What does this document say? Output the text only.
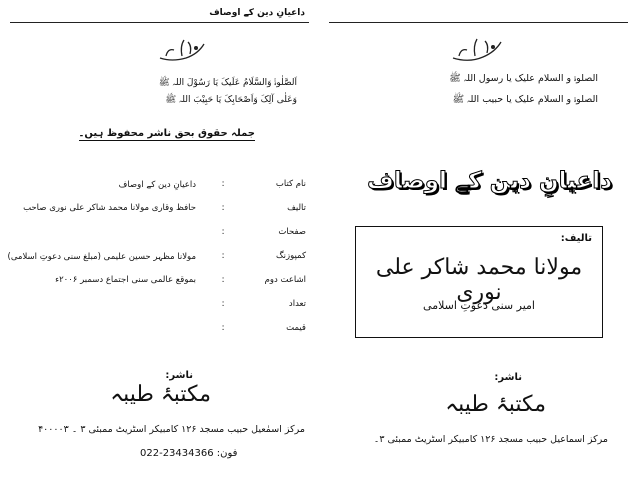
داعیانِ دین کے اوصاف
اَلصَّلٰوۃُ وَالسَّلَامُ عَلَیکَ یَا رَسُوْلَ اللہ ﷺ
وَعَلٰی آلِکَ وَاَصْحَابِکَ یَا حَبِیْبَ اللہ ﷺ
جملہ حقوق بحق ناشر محفوظ ہیں۔
نام کتاب	:	داعیانِ دین کے اوصاف
تالیف	:	حافظ وقاری مولانا محمد شاکر علی نوری صاحب
صفحات	:	
کمپوزنگ	:	مولانا مظہر حسین علیمی (مبلغ سنی دعوتِ اسلامی)
اشاعت دوم	:	بموقع عالمی سنی اجتماع دسمبر ۲۰۰۶ء
تعداد	:	
قیمت	:	
ناشر:
مکتبۂ طیبہ
مرکز اسمٰعیل حبیب مسجد ۱۲۶ کامبیکر اسٹریٹ ممبئی ۳ ۔ ۴۰۰۰۰۳
022-23434366 :فون
الصلوۃ و السلام علیک یا رسول اللہ ﷺ
الصلوۃ و السلام علیک یا حبیب اللہ ﷺ
داعیانِ دین کے اوصاف
تالیف:
مولانا محمد شاکر علی نوری
امیر سنی دعوتِ اسلامی
ناشر:
مکتبۂ طیبہ
مرکز اسماعیل حبیب مسجد ۱۲۶ کامبیکر اسٹریٹ ممبئی ۳۔
